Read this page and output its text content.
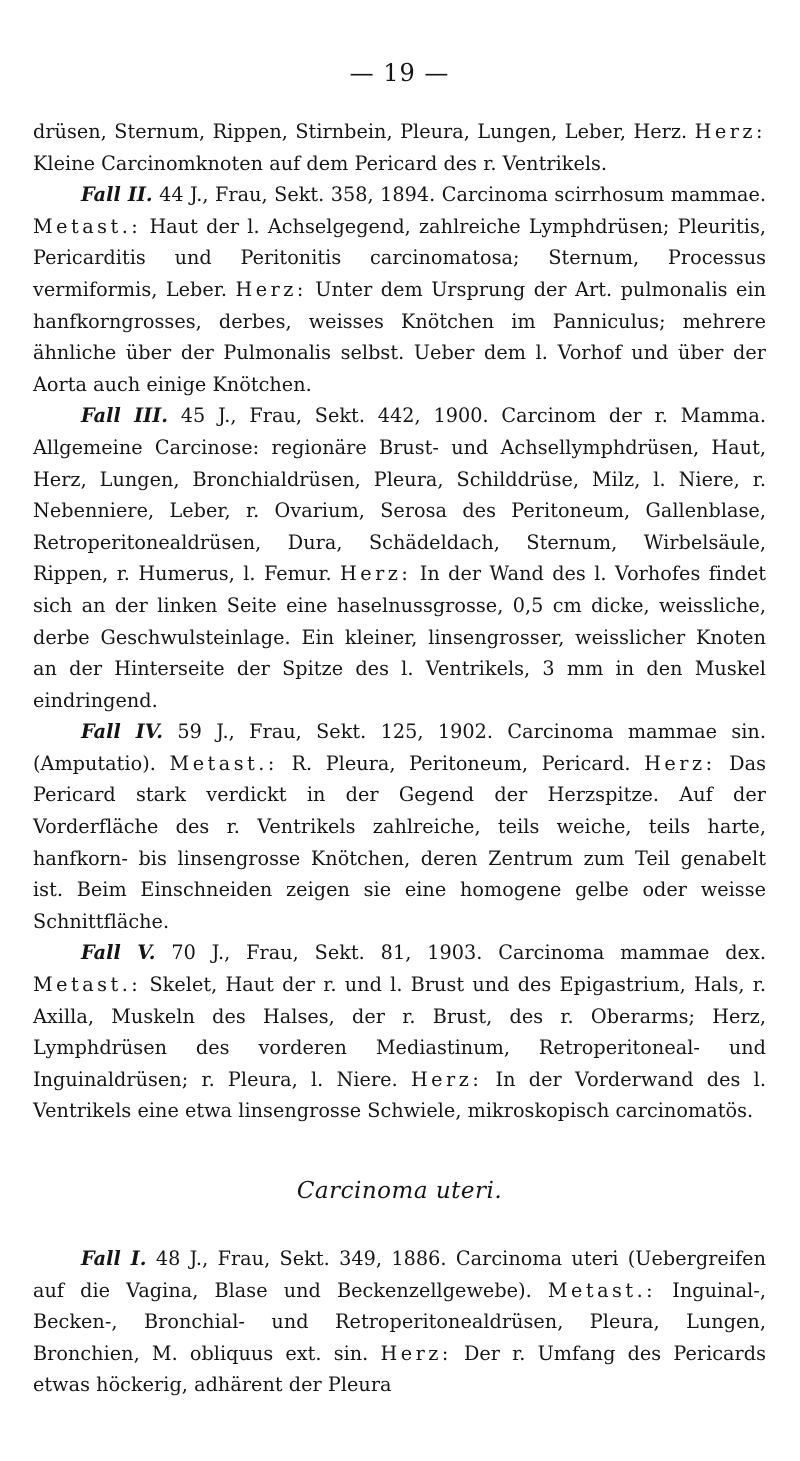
— 19 —

drüsen, Sternum, Rippen, Stirnbein, Pleura, Lungen, Leber, Herz. Herz: Kleine Carcinomknoten auf dem Pericard des r. Ventrikels.

Fall II. 44 J., Frau, Sekt. 358, 1894. Carcinoma scirrhosum mammae. Metast.: Haut der l. Achselgegend, zahlreiche Lymphdrüsen; Pleuritis, Pericarditis und Peritonitis carcinomatosa; Sternum, Processus vermiformis, Leber. Herz: Unter dem Ursprung der Art. pulmonalis ein hanfkorngrosses, derbes, weisses Knötchen im Panniculus; mehrere ähnliche über der Pulmonalis selbst. Ueber dem l. Vorhof und über der Aorta auch einige Knötchen.

Fall III. 45 J., Frau, Sekt. 442, 1900. Carcinom der r. Mamma. Allgemeine Carcinose: regionäre Brust- und Achsellymphdrüsen, Haut, Herz, Lungen, Bronchialdrüsen, Pleura, Schilddrüse, Milz, l. Niere, r. Nebenniere, Leber, r. Ovarium, Serosa des Peritoneum, Gallenblase, Retroperitonealdrüsen, Dura, Schädeldach, Sternum, Wirbelsäule, Rippen, r. Humerus, l. Femur. Herz: In der Wand des l. Vorhofes findet sich an der linken Seite eine haselnussgrosse, 0,5 cm dicke, weissliche, derbe Geschwulsteinlage. Ein kleiner, linsengrosser, weisslicher Knoten an der Hinterseite der Spitze des l. Ventrikels, 3 mm in den Muskel eindringend.

Fall IV. 59 J., Frau, Sekt. 125, 1902. Carcinoma mammae sin. (Amputatio). Metast.: R. Pleura, Peritoneum, Pericard. Herz: Das Pericard stark verdickt in der Gegend der Herzspitze. Auf der Vorderfläche des r. Ventrikels zahlreiche, teils weiche, teils harte, hanfkorn- bis linsengrosse Knötchen, deren Zentrum zum Teil genabelt ist. Beim Einschneiden zeigen sie eine homogene gelbe oder weisse Schnittfläche.

Fall V. 70 J., Frau, Sekt. 81, 1903. Carcinoma mammae dex. Metast.: Skelet, Haut der r. und l. Brust und des Epigastrium, Hals, r. Axilla, Muskeln des Halses, der r. Brust, des r. Oberarms; Herz, Lymphdrüsen des vorderen Mediastinum, Retroperitoneal- und Inguinaldrüsen; r. Pleura, l. Niere. Herz: In der Vorderwand des l. Ventrikels eine etwa linsengrosse Schwiele, mikroskopisch carcinomatös.

Carcinoma uteri.

Fall I. 48 J., Frau, Sekt. 349, 1886. Carcinoma uteri (Uebergreifen auf die Vagina, Blase und Beckenzellgewebe). Metast.: Inguinal-, Becken-, Bronchial- und Retroperitonealdrüsen, Pleura, Lungen, Bronchien, M. obliquus ext. sin. Herz: Der r. Umfang des Pericards etwas höckerig, adhärent der Pleura
